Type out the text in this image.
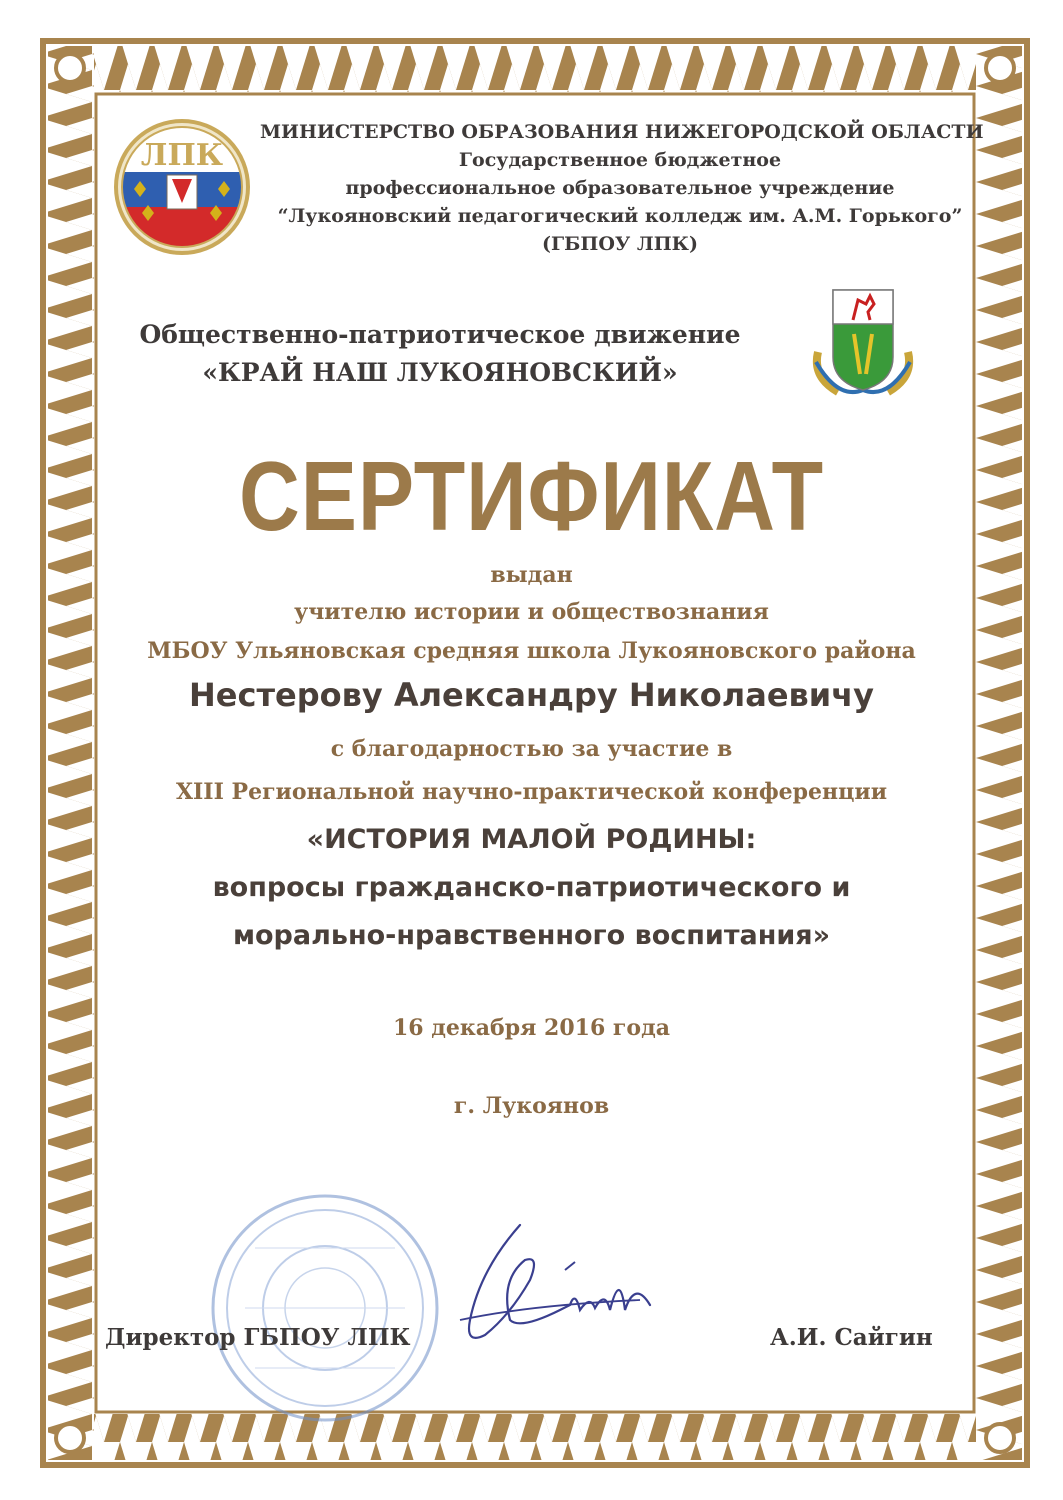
ЛПК
МИНИСТЕРСТВО ОБРАЗОВАНИЯ НИЖЕГОРОДСКОЙ ОБЛАСТИ
Государственное бюджетное
профессиональное образовательное учреждение
“Лукояновский педагогический колледж им. А.М. Горького”
(ГБПОУ ЛПК)
Общественно-патриотическое движение
«КРАЙ НАШ ЛУКОЯНОВСКИЙ»
СЕРТИФИКАТ
выдан
учителю истории и обществознания
МБОУ Ульяновская средняя школа Лукояновского района
Нестерову Александру Николаевичу
с благодарностью за участие в
XIII Региональной научно-практической конференции
«ИСТОРИЯ МАЛОЙ РОДИНЫ:
вопросы гражданско-патриотического и
морально-нравственного воспитания»
16 декабря 2016 года
г. Лукоянов
Директор ГБПОУ ЛПК	А.И. Сайгин
